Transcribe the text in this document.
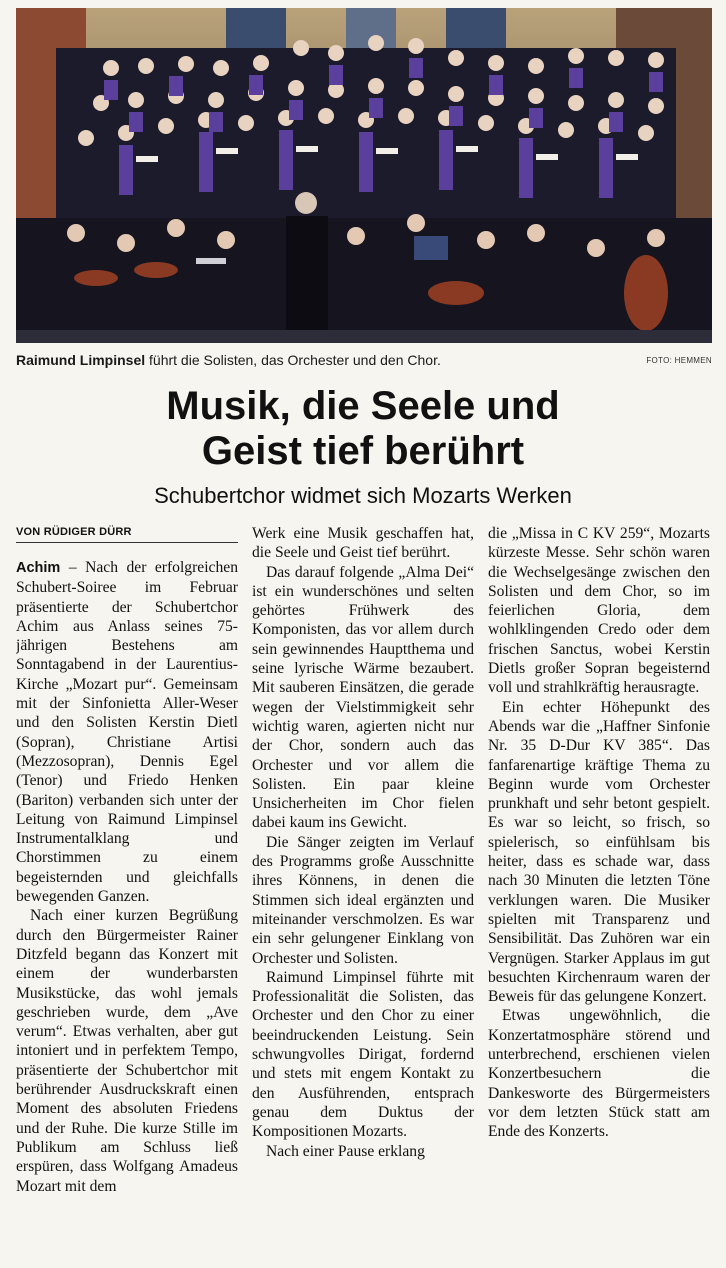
Raimund Limpinsel führt die Solisten, das Orchester und den Chor.	FOTO: HEMMEN
Musik, die Seele und
Geist tief berührt
Schubertchor widmet sich Mozarts Werken
VON RÜDIGER DÜRR

Achim – Nach der erfolgreichen Schubert-Soiree im Februar präsentierte der Schubertchor Achim aus Anlass seines 75-jährigen Bestehens am Sonntagabend in der Laurentius-Kirche „Mozart pur“. Gemeinsam mit der Sinfonietta Aller-Weser und den Solisten Kerstin Dietl (Sopran), Christiane Artisi (Mezzosopran), Dennis Egel (Tenor) und Friedo Henken (Bariton) verbanden sich unter der Leitung von Raimund Limpinsel Instrumentalklang und Chorstimmen zu einem begeisternden und gleichfalls bewegenden Ganzen.

Nach einer kurzen Begrüßung durch den Bürgermeister Rainer Ditzfeld begann das Konzert mit einem der wunderbarsten Musikstücke, das wohl jemals geschrieben wurde, dem „Ave verum“. Etwas verhalten, aber gut intoniert und in perfektem Tempo, präsentierte der Schubertchor mit berührender Ausdruckskraft einen Moment des absoluten Friedens und der Ruhe. Die kurze Stille im Publikum am Schluss ließ erspüren, dass Wolfgang Amadeus Mozart mit dem

Werk eine Musik geschaffen hat, die Seele und Geist tief berührt.

Das darauf folgende „Alma Dei“ ist ein wunderschönes und selten gehörtes Frühwerk des Komponisten, das vor allem durch sein gewinnendes Hauptthema und seine lyrische Wärme bezaubert. Mit sauberen Einsätzen, die gerade wegen der Vielstimmigkeit sehr wichtig waren, agierten nicht nur der Chor, sondern auch das Orchester und vor allem die Solisten. Ein paar kleine Unsicherheiten im Chor fielen dabei kaum ins Gewicht.

Die Sänger zeigten im Verlauf des Programms große Ausschnitte ihres Könnens, in denen die Stimmen sich ideal ergänzten und miteinander verschmolzen. Es war ein sehr gelungener Einklang von Orchester und Solisten.

Raimund Limpinsel führte mit Professionalität die Solisten, das Orchester und den Chor zu einer beeindruckenden Leistung. Sein schwungvolles Dirigat, fordernd und stets mit engem Kontakt zu den Ausführenden, entsprach genau dem Duktus der Kompositionen Mozarts.

Nach einer Pause erklang

die „Missa in C KV 259“, Mozarts kürzeste Messe. Sehr schön waren die Wechselgesänge zwischen den Solisten und dem Chor, so im feierlichen Gloria, dem wohlklingenden Credo oder dem frischen Sanctus, wobei Kerstin Dietls großer Sopran begeisternd voll und strahlkräftig herausragte.

Ein echter Höhepunkt des Abends war die „Haffner Sinfonie Nr. 35 D-Dur KV 385“. Das fanfarenartige kräftige Thema zu Beginn wurde vom Orchester prunkhaft und sehr betont gespielt. Es war so leicht, so frisch, so spielerisch, so einfühlsam bis heiter, dass es schade war, dass nach 30 Minuten die letzten Töne verklungen waren. Die Musiker spielten mit Transparenz und Sensibilität. Das Zuhören war ein Vergnügen. Starker Applaus im gut besuchten Kirchenraum waren der Beweis für das gelungene Konzert.

Etwas ungewöhnlich, die Konzertatmosphäre störend und unterbrechend, erschienen vielen Konzertbesuchern die Dankesworte des Bürgermeisters vor dem letzten Stück statt am Ende des Konzerts.
